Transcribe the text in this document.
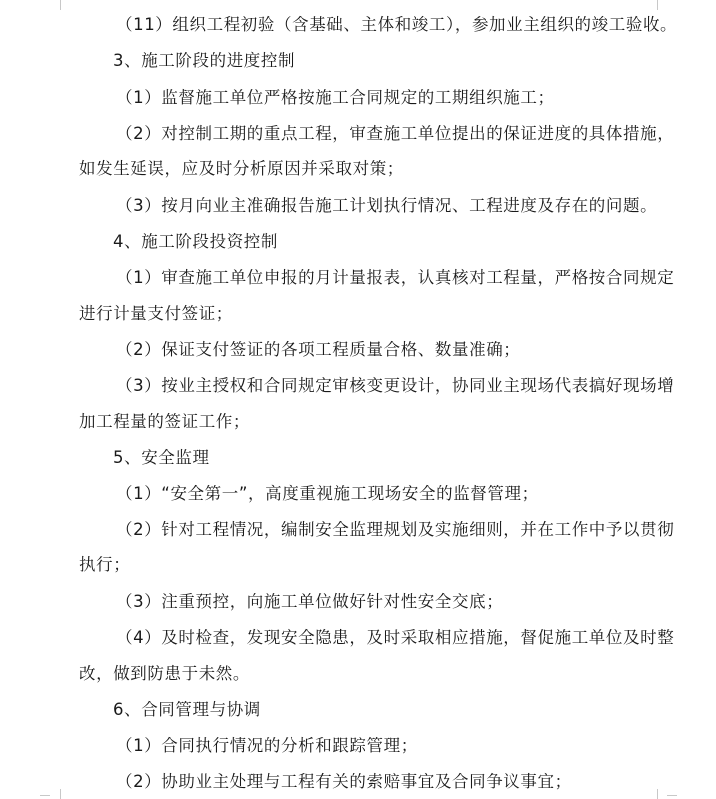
（11）组织工程初验（含基础、主体和竣工），参加业主组织的竣工验收。
3、施工阶段的进度控制
（1）监督施工单位严格按施工合同规定的工期组织施工；
（2）对控制工期的重点工程，审查施工单位提出的保证进度的具体措施，
如发生延误，应及时分析原因并采取对策；
（3）按月向业主准确报告施工计划执行情况、工程进度及存在的问题。
4、施工阶段投资控制
（1）审查施工单位申报的月计量报表，认真核对工程量，严格按合同规定
进行计量支付签证；
（2）保证支付签证的各项工程质量合格、数量准确；
（3）按业主授权和合同规定审核变更设计，协同业主现场代表搞好现场增
加工程量的签证工作；
5、安全监理
（1）“安全第一”，高度重视施工现场安全的监督管理；
（2）针对工程情况，编制安全监理规划及实施细则，并在工作中予以贯彻
执行；
（3）注重预控，向施工单位做好针对性安全交底；
（4）及时检查，发现安全隐患，及时采取相应措施，督促施工单位及时整
改，做到防患于未然。
6、合同管理与协调
（1）合同执行情况的分析和跟踪管理；
（2）协助业主处理与工程有关的索赔事宜及合同争议事宜；
